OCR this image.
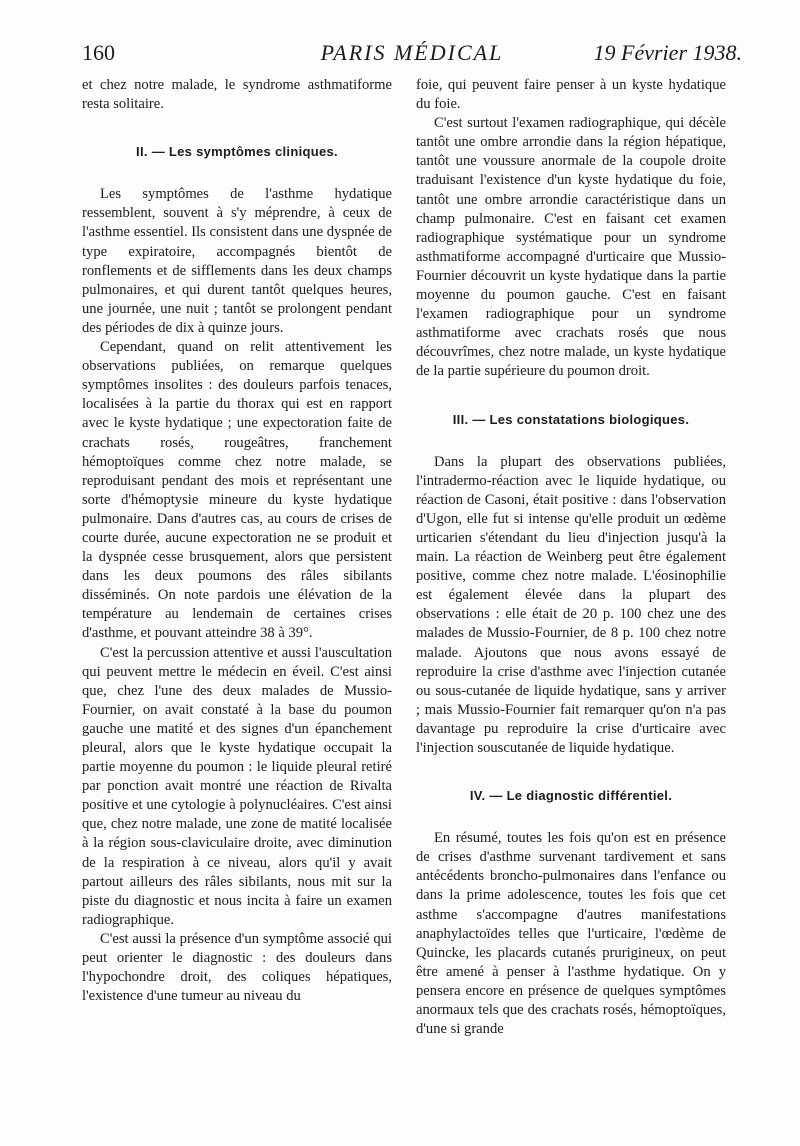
PARIS MÉDICAL
160	19 Février 1938.

et chez notre malade, le syndrome asthmatiforme resta solitaire.

II. — Les symptômes cliniques.

Les symptômes de l'asthme hydatique ressemblent, souvent à s'y méprendre, à ceux de l'asthme essentiel. Ils consistent dans une dyspnée de type expiratoire, accompagnés bientôt de ronflements et de sifflements dans les deux champs pulmonaires, et qui durent tantôt quelques heures, une journée, une nuit ; tantôt se prolongent pendant des périodes de dix à quinze jours.

Cependant, quand on relit attentivement les observations publiées, on remarque quelques symptômes insolites : des douleurs parfois tenaces, localisées à la partie du thorax qui est en rapport avec le kyste hydatique ; une expectoration faite de crachats rosés, rougeâtres, franchement hémoptoïques comme chez notre malade, se reproduisant pendant des mois et représentant une sorte d'hémoptysie mineure du kyste hydatique pulmonaire. Dans d'autres cas, au cours de crises de courte durée, aucune expectoration ne se produit et la dyspnée cesse brusquement, alors que persistent dans les deux poumons des râles sibilants disséminés. On note pardois une élévation de la température au lendemain de certaines crises d'asthme, et pouvant atteindre 38 à 39°.

C'est la percussion attentive et aussi l'auscultation qui peuvent mettre le médecin en éveil. C'est ainsi que, chez l'une des deux malades de Mussio-Fournier, on avait constaté à la base du poumon gauche une matité et des signes d'un épanchement pleural, alors que le kyste hydatique occupait la partie moyenne du poumon : le liquide pleural retiré par ponction avait montré une réaction de Rivalta positive et une cytologie à polynucléaires. C'est ainsi que, chez notre malade, une zone de matité localisée à la région sous-claviculaire droite, avec diminution de la respiration à ce niveau, alors qu'il y avait partout ailleurs des râles sibilants, nous mit sur la piste du diagnostic et nous incita à faire un examen radiographique.

C'est aussi la présence d'un symptôme associé qui peut orienter le diagnostic : des douleurs dans l'hypochondre droit, des coliques hépatiques, l'existence d'une tumeur au niveau du

foie, qui peuvent faire penser à un kyste hydatique du foie.

C'est surtout l'examen radiographique, qui décèle tantôt une ombre arrondie dans la région hépatique, tantôt une voussure anormale de la coupole droite traduisant l'existence d'un kyste hydatique du foie, tantôt une ombre arrondie caractéristique dans un champ pulmonaire. C'est en faisant cet examen radiographique systématique pour un syndrome asthmatiforme accompagné d'urticaire que Mussio-Fournier découvrit un kyste hydatique dans la partie moyenne du poumon gauche. C'est en faisant l'examen radiographique pour un syndrome asthmatiforme avec crachats rosés que nous découvrîmes, chez notre malade, un kyste hydatique de la partie supérieure du poumon droit.

III. — Les constatations biologiques.

Dans la plupart des observations publiées, l'intradermo-réaction avec le liquide hydatique, ou réaction de Casoni, était positive : dans l'observation d'Ugon, elle fut si intense qu'elle produit un œdème urticarien s'étendant du lieu d'injection jusqu'à la main. La réaction de Weinberg peut être également positive, comme chez notre malade. L'éosinophilie est également élevée dans la plupart des observations : elle était de 20 p. 100 chez une des malades de Mussio-Fournier, de 8 p. 100 chez notre malade. Ajoutons que nous avons essayé de reproduire la crise d'asthme avec l'injection cutanée ou sous-cutanée de liquide hydatique, sans y arriver ; mais Mussio-Fournier fait remarquer qu'on n'a pas davantage pu reproduire la crise d'urticaire avec l'injection souscutanée de liquide hydatique.

IV. — Le diagnostic différentiel.

En résumé, toutes les fois qu'on est en présence de crises d'asthme survenant tardivement et sans antécédents broncho-pulmonaires dans l'enfance ou dans la prime adolescence, toutes les fois que cet asthme s'accompagne d'autres manifestations anaphylactoïdes telles que l'urticaire, l'œdème de Quincke, les placards cutanés prurigineux, on peut être amené à penser à l'asthme hydatique. On y pensera encore en présence de quelques symptômes anormaux tels que des crachats rosés, hémoptoïques, d'une si grande
